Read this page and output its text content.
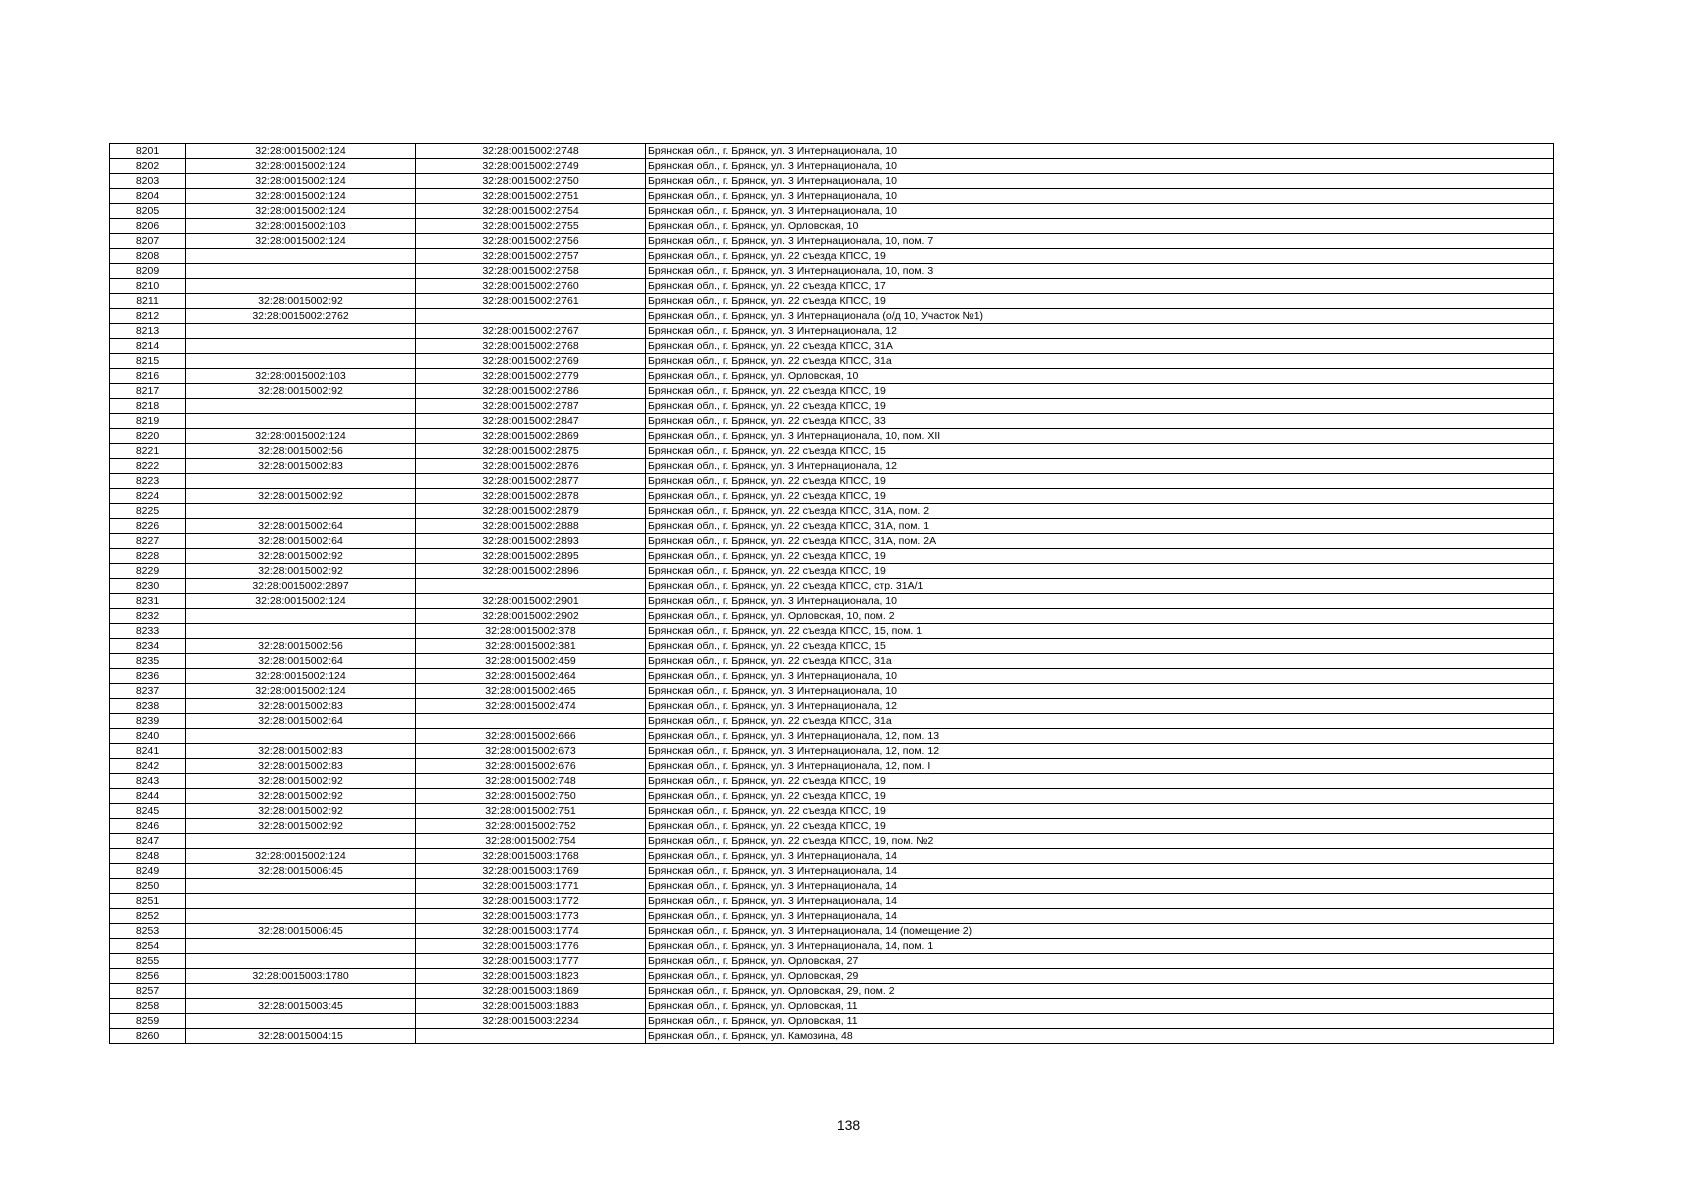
8201	32:28:0015002:124	32:28:0015002:2748	Брянская обл., г. Брянск, ул. 3 Интернационала, 10
8202	32:28:0015002:124	32:28:0015002:2749	Брянская обл., г. Брянск, ул. 3 Интернационала, 10
8203	32:28:0015002:124	32:28:0015002:2750	Брянская обл., г. Брянск, ул. 3 Интернационала, 10
8204	32:28:0015002:124	32:28:0015002:2751	Брянская обл., г. Брянск, ул. 3 Интернационала, 10
8205	32:28:0015002:124	32:28:0015002:2754	Брянская обл., г. Брянск, ул. 3 Интернационала, 10
8206	32:28:0015002:103	32:28:0015002:2755	Брянская обл., г. Брянск, ул. Орловская, 10
8207	32:28:0015002:124	32:28:0015002:2756	Брянская обл., г. Брянск, ул. 3 Интернационала, 10, пом. 7
8208		32:28:0015002:2757	Брянская обл., г. Брянск, ул. 22 съезда КПСС, 19
8209		32:28:0015002:2758	Брянская обл., г. Брянск, ул. 3 Интернационала, 10, пом. 3
8210		32:28:0015002:2760	Брянская обл., г. Брянск, ул. 22 съезда КПСС, 17
8211	32:28:0015002:92	32:28:0015002:2761	Брянская обл., г. Брянск, ул. 22 съезда КПСС, 19
8212	32:28:0015002:2762		Брянская обл., г. Брянск, ул. 3 Интернационала (о/д 10, Участок №1)
8213		32:28:0015002:2767	Брянская обл., г. Брянск, ул. 3 Интернационала, 12
8214		32:28:0015002:2768	Брянская обл., г. Брянск, ул. 22 съезда КПСС, 31А
8215		32:28:0015002:2769	Брянская обл., г. Брянск, ул. 22 съезда КПСС, 31а
8216	32:28:0015002:103	32:28:0015002:2779	Брянская обл., г. Брянск, ул. Орловская, 10
8217	32:28:0015002:92	32:28:0015002:2786	Брянская обл., г. Брянск, ул. 22 съезда КПСС, 19
8218		32:28:0015002:2787	Брянская обл., г. Брянск, ул. 22 съезда КПСС, 19
8219		32:28:0015002:2847	Брянская обл., г. Брянск, ул. 22 съезда КПСС, 33
8220	32:28:0015002:124	32:28:0015002:2869	Брянская обл., г. Брянск, ул. 3 Интернационала, 10, пом. XII
8221	32:28:0015002:56	32:28:0015002:2875	Брянская обл., г. Брянск, ул. 22 съезда КПСС, 15
8222	32:28:0015002:83	32:28:0015002:2876	Брянская обл., г. Брянск, ул. 3 Интернационала, 12
8223		32:28:0015002:2877	Брянская обл., г. Брянск, ул. 22 съезда КПСС, 19
8224	32:28:0015002:92	32:28:0015002:2878	Брянская обл., г. Брянск, ул. 22 съезда КПСС, 19
8225		32:28:0015002:2879	Брянская обл., г. Брянск, ул. 22 съезда КПСС, 31А, пом. 2
8226	32:28:0015002:64	32:28:0015002:2888	Брянская обл., г. Брянск, ул. 22 съезда КПСС, 31А, пом. 1
8227	32:28:0015002:64	32:28:0015002:2893	Брянская обл., г. Брянск, ул. 22 съезда КПСС, 31А, пом. 2А
8228	32:28:0015002:92	32:28:0015002:2895	Брянская обл., г. Брянск, ул. 22 съезда КПСС, 19
8229	32:28:0015002:92	32:28:0015002:2896	Брянская обл., г. Брянск, ул. 22 съезда КПСС, 19
8230	32:28:0015002:2897		Брянская обл., г. Брянск, ул. 22 съезда КПСС, стр. 31А/1
8231	32:28:0015002:124	32:28:0015002:2901	Брянская обл., г. Брянск, ул. 3 Интернационала, 10
8232		32:28:0015002:2902	Брянская обл., г. Брянск, ул. Орловская, 10, пом. 2
8233		32:28:0015002:378	Брянская обл., г. Брянск, ул. 22 съезда КПСС, 15, пом. 1
8234	32:28:0015002:56	32:28:0015002:381	Брянская обл., г. Брянск, ул. 22 съезда КПСС, 15
8235	32:28:0015002:64	32:28:0015002:459	Брянская обл., г. Брянск, ул. 22 съезда КПСС, 31а
8236	32:28:0015002:124	32:28:0015002:464	Брянская обл., г. Брянск, ул. 3 Интернационала, 10
8237	32:28:0015002:124	32:28:0015002:465	Брянская обл., г. Брянск, ул. 3 Интернационала, 10
8238	32:28:0015002:83	32:28:0015002:474	Брянская обл., г. Брянск, ул. 3 Интернационала, 12
8239	32:28:0015002:64		Брянская обл., г. Брянск, ул. 22 съезда КПСС, 31а
8240		32:28:0015002:666	Брянская обл., г. Брянск, ул. 3 Интернационала, 12, пом. 13
8241	32:28:0015002:83	32:28:0015002:673	Брянская обл., г. Брянск, ул. 3 Интернационала, 12, пом. 12
8242	32:28:0015002:83	32:28:0015002:676	Брянская обл., г. Брянск, ул. 3 Интернационала, 12, пом. I
8243	32:28:0015002:92	32:28:0015002:748	Брянская обл., г. Брянск, ул. 22 съезда КПСС, 19
8244	32:28:0015002:92	32:28:0015002:750	Брянская обл., г. Брянск, ул. 22 съезда КПСС, 19
8245	32:28:0015002:92	32:28:0015002:751	Брянская обл., г. Брянск, ул. 22 съезда КПСС, 19
8246	32:28:0015002:92	32:28:0015002:752	Брянская обл., г. Брянск, ул. 22 съезда КПСС, 19
8247		32:28:0015002:754	Брянская обл., г. Брянск, ул. 22 съезда КПСС, 19, пом. №2
8248	32:28:0015002:124	32:28:0015003:1768	Брянская обл., г. Брянск, ул. 3 Интернационала, 14
8249	32:28:0015006:45	32:28:0015003:1769	Брянская обл., г. Брянск, ул. 3 Интернационала, 14
8250		32:28:0015003:1771	Брянская обл., г. Брянск, ул. 3 Интернационала, 14
8251		32:28:0015003:1772	Брянская обл., г. Брянск, ул. 3 Интернационала, 14
8252		32:28:0015003:1773	Брянская обл., г. Брянск, ул. 3 Интернационала, 14
8253	32:28:0015006:45	32:28:0015003:1774	Брянская обл., г. Брянск, ул. 3 Интернационала, 14 (помещение 2)
8254		32:28:0015003:1776	Брянская обл., г. Брянск, ул. 3 Интернационала, 14, пом. 1
8255		32:28:0015003:1777	Брянская обл., г. Брянск, ул. Орловская, 27
8256	32:28:0015003:1780	32:28:0015003:1823	Брянская обл., г. Брянск, ул. Орловская, 29
8257		32:28:0015003:1869	Брянская обл., г. Брянск, ул. Орловская, 29, пом. 2
8258	32:28:0015003:45	32:28:0015003:1883	Брянская обл., г. Брянск, ул. Орловская, 11
8259		32:28:0015003:2234	Брянская обл., г. Брянск, ул. Орловская, 11
8260	32:28:0015004:15		Брянская обл., г. Брянск, ул. Камозина, 48
138
